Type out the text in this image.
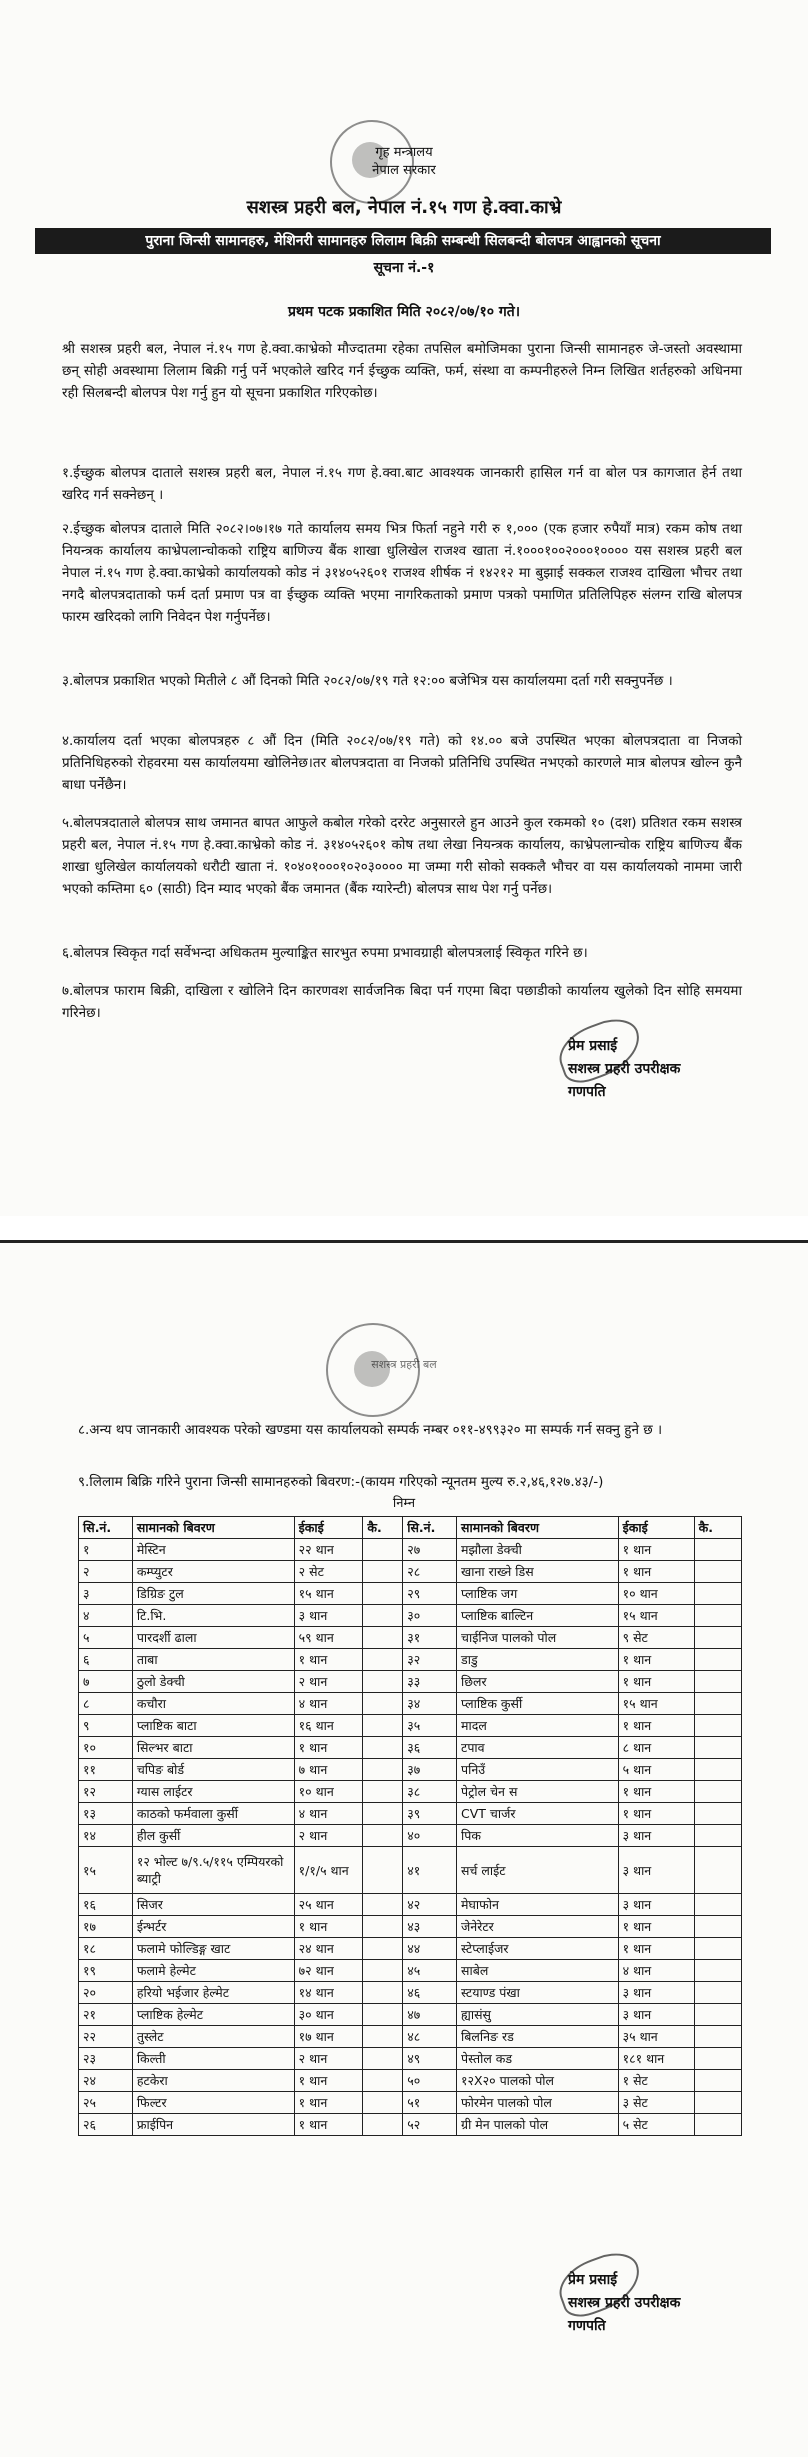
गृह मन्त्रालय
नेपाल सरकार
सशस्त्र प्रहरी बल, नेपाल नं.१५ गण हे.क्वा.काभ्रे
पुराना जिन्सी सामानहरु, मेशिनरी सामानहरु लिलाम बिक्री सम्बन्धी सिलबन्दी बोलपत्र आह्वानको सूचना
सूचना नं.-१
प्रथम पटक प्रकाशित मिति २०८२/०७/१० गते।
श्री सशस्त्र प्रहरी बल, नेपाल नं.१५ गण हे.क्वा.काभ्रेको मौज्दातमा रहेका तपसिल बमोजिमका पुराना जिन्सी सामानहरु जे-जस्तो अवस्थामा छन् सोही अवस्थामा लिलाम बिक्री गर्नु पर्ने भएकोले खरिद गर्न ईच्छुक व्यक्ति, फर्म, संस्था वा कम्पनीहरुले निम्न लिखित शर्तहरुको अधिनमा रही सिलबन्दी बोलपत्र पेश गर्नु हुन यो सूचना प्रकाशित गरिएकोछ।
१.ईच्छुक बोलपत्र दाताले सशस्त्र प्रहरी बल, नेपाल नं.१५ गण हे.क्वा.बाट आवश्यक जानकारी हासिल गर्न वा बोल पत्र कागजात हेर्न तथा खरिद गर्न सक्नेछन् ।
२.ईच्छुक बोलपत्र दाताले मिति २०८२।०७।१७ गते कार्यालय समय भित्र फिर्ता नहुने गरी रु १,००० (एक हजार रुपैयाँ मात्र) रकम कोष तथा नियन्त्रक कार्यालय काभ्रेपलान्चोकको राष्ट्रिय बाणिज्य बैंक शाखा धुलिखेल राजश्व खाता नं.१०००१००२०००१०००० यस सशस्त्र प्रहरी बल नेपाल नं.१५ गण हे.क्वा.काभ्रेको कार्यालयको कोड नं ३१४०५२६०१ राजश्व शीर्षक नं १४२१२ मा बुझाई सक्कल राजश्व दाखिला भौचर तथा नगदै बोलपत्रदाताको फर्म दर्ता प्रमाण पत्र वा ईच्छुक व्यक्ति भएमा नागरिकताको प्रमाण पत्रको पमाणित प्रतिलिपिहरु संलग्न राखि बोलपत्र फारम खरिदको लागि निवेदन पेश गर्नुपर्नेछ।
३.बोलपत्र प्रकाशित भएको मितीले ८ औं दिनको मिति २०८२/०७/१९ गते १२:०० बजेभित्र यस कार्यालयमा दर्ता गरी सक्नुपर्नेछ ।
४.कार्यालय दर्ता भएका बोलपत्रहरु ८ औं दिन (मिति २०८२/०७/१९ गते) को १४.०० बजे उपस्थित भएका बोलपत्रदाता वा निजको प्रतिनिधिहरुको रोहवरमा यस कार्यालयमा खोलिनेछ।तर बोलपत्रदाता वा निजको प्रतिनिधि उपस्थित नभएको कारणले मात्र बोलपत्र खोल्न कुनै बाधा पर्नेछैन।
५.बोलपत्रदाताले बोलपत्र साथ जमानत बापत आफुले कबोल गरेको दररेट अनुसारले हुन आउने कुल रकमको १० (दश) प्रतिशत रकम सशस्त्र प्रहरी बल, नेपाल नं.१५ गण हे.क्वा.काभ्रेको कोड नं. ३१४०५२६०१ कोष तथा लेखा नियन्त्रक कार्यालय, काभ्रेपलान्चोक राष्ट्रिय बाणिज्य बैंक शाखा धुलिखेल कार्यालयको धरौटी खाता नं. १०४०१०००१०२०३०००० मा जम्मा गरी सोको सक्कलै भौचर वा यस कार्यालयको नाममा जारी भएको कम्तिमा ६० (साठी) दिन म्याद भएको बैंक जमानत (बैंक ग्यारेन्टी) बोलपत्र साथ पेश गर्नु पर्नेछ।
६.बोलपत्र स्विकृत गर्दा सर्वेभन्दा अधिकतम मुल्याङ्कित सारभुत रुपमा प्रभावग्राही बोलपत्रलाई स्विकृत गरिने छ।
७.बोलपत्र फाराम बिक्री, दाखिला र खोलिने दिन कारणवश सार्वजनिक बिदा पर्न गएमा बिदा पछाडीको कार्यालय खुलेको दिन सोहि समयमा गरिनेछ।
प्रेम प्रसाई
सशस्त्र प्रहरी उपरीक्षक
गणपति
सशस्त्र प्रहरी बल
८.अन्य थप जानकारी आवश्यक परेको खण्डमा यस कार्यालयको सम्पर्क नम्बर ०११-४९९३२० मा सम्पर्क गर्न सक्नु हुने छ ।
९.लिलाम बिक्रि गरिने पुराना जिन्सी सामानहरुको बिवरण:-(कायम गरिएको न्यूनतम मुल्य रु.२,४६,१२७.४३/-)
निम्न
सि.नं.	सामानको बिवरण	ईकाई	कै.	सि.नं.	सामानको बिवरण	ईकाई	कै.
१	मेस्टिन	२२ थान		२७	मझौला डेक्ची	१ थान	
२	कम्प्युटर	२ सेट		२८	खाना राख्ने डिस	१ थान	
३	डिग्रिङ टुल	१५ थान		२९	प्लाष्टिक जग	१० थान	
४	टि.भि.	३ थान		३०	प्लाष्टिक बाल्टिन	१५ थान	
५	पारदर्शी ढाला	५९ थान		३१	चाईनिज पालको पोल	९ सेट	
६	ताबा	१ थान		३२	डाडु	१ थान	
७	ठुलो डेक्ची	२ थान		३३	छिलर	१ थान	
८	कचौरा	४ थान		३४	प्लाष्टिक कुर्सी	१५ थान	
९	प्लाष्टिक बाटा	१६ थान		३५	मादल	१ थान	
१०	सिल्भर बाटा	१ थान		३६	टपाव	८ थान	
११	चपिङ बोर्ड	७ थान		३७	पनिउँ	५ थान	
१२	ग्यास लाईटर	१० थान		३८	पेट्रोल चेन स	१ थान	
१३	काठको फर्मवाला कुर्सी	४ थान		३९	CVT चार्जर	१ थान	
१४	हील कुर्सी	२ थान		४०	पिक	३ थान	
१५	१२ भोल्ट ७/९.५/११५ एम्पियरको ब्याट्री	१/१/५ थान		४१	सर्च लाईट	३ थान	
१६	सिजर	२५ थान		४२	मेघाफोन	३ थान	
१७	ईन्भर्टर	१ थान		४३	जेनेरेटर	१ थान	
१८	फलामे फोल्डिङ्ग खाट	२४ थान		४४	स्टेप्लाईजर	१ थान	
१९	फलामे हेल्मेट	७२ थान		४५	साबेल	४ थान	
२०	हरियो भईजार हेल्मेट	१४ थान		४६	स्टयाण्ड पंखा	३ थान	
२१	प्लाष्टिक हेल्मेट	३० थान		४७	ह्यासंसु	३ थान	
२२	तुस्लेट	१७ थान		४८	बिलनिङ रड	३५ थान	
२३	किल्ती	२ थान		४९	पेस्तोल कड	१८१ थान	
२४	हटकेरा	१ थान		५०	१२X२० पालको पोल	१ सेट	
२५	फिल्टर	१ थान		५१	फोरमेन पालको पोल	३ सेट	
२६	फ्राईपिन	१ थान		५२	ग्री मेन पालको पोल	५ सेट	
प्रेम प्रसाई
सशस्त्र प्रहरी उपरीक्षक
गणपति
